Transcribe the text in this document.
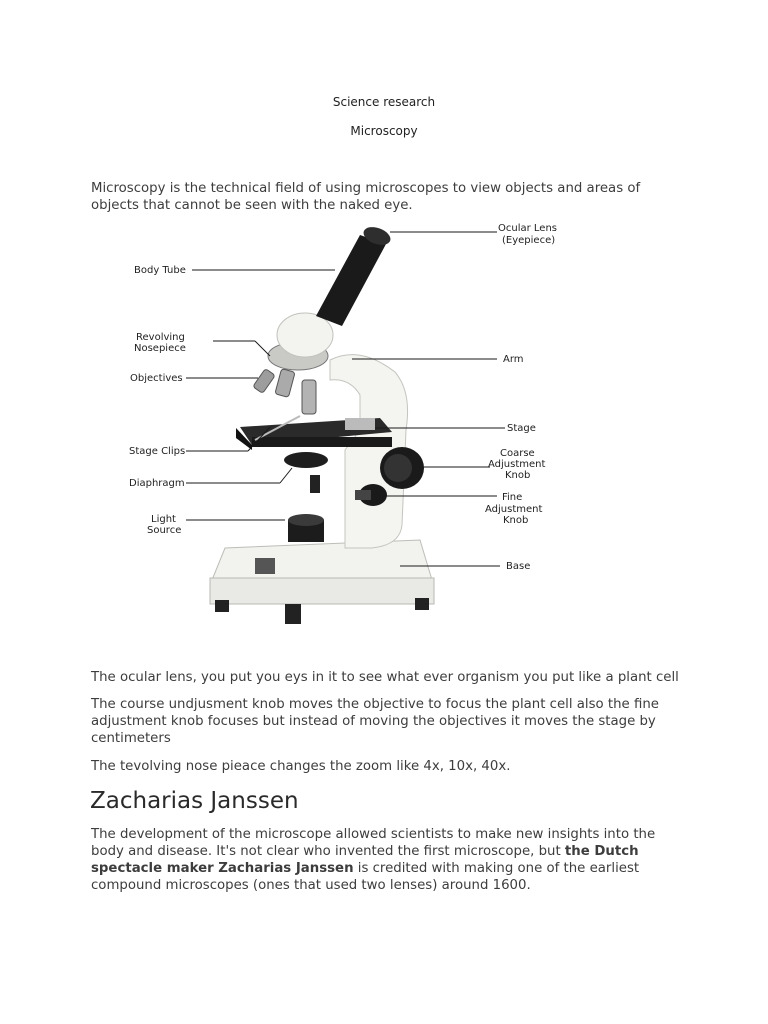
Science research
Microscopy
Microscopy is the technical field of using microscopes to view objects and areas of objects that cannot be seen with the naked eye.
Ocular Lens
(Eyepiece)
Body Tube
Revolving
Nosepiece
Arm
Objectives
Stage
Stage Clips	Coarse
Adjustment
Knob
Diaphragm
Fine
Adjustment
Knob
Light
Source
Base
The ocular lens, you put you eys in it to see what ever organism you put like a plant cell
The course undjusment knob moves the objective to focus the plant cell also the fine adjustment knob focuses but instead of moving the objectives it moves the stage by centimeters
The tevolving nose pieace changes the zoom like 4x, 10x, 40x.
Zacharias Janssen
The development of the microscope allowed scientists to make new insights into the body and disease. It's not clear who invented the first microscope, but the Dutch spectacle maker Zacharias Janssen is credited with making one of the earliest compound microscopes (ones that used two lenses) around 1600.
